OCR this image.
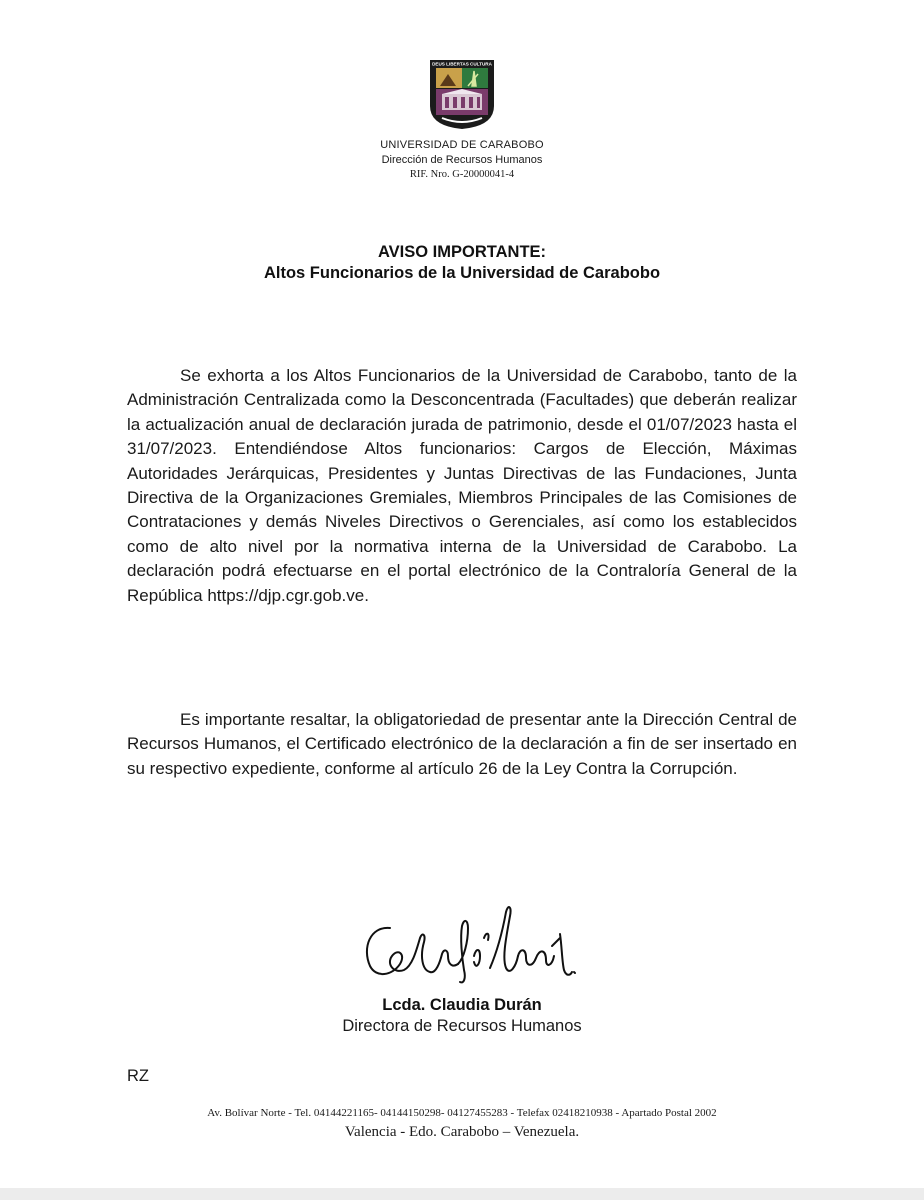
DEUS LIBERTAS CULTURA
UNIVERSIDAD DE CARABOBO
Dirección de Recursos Humanos
RIF. Nro. G-20000041-4
AVISO IMPORTANTE:
Altos Funcionarios de la Universidad de Carabobo

Se exhorta a los Altos Funcionarios de la Universidad de Carabobo, tanto de la Administración Centralizada como la Desconcentrada (Facultades) que deberán realizar la actualización anual de declaración jurada de patrimonio, desde el 01/07/2023 hasta el 31/07/2023. Entendiéndose Altos funcionarios: Cargos de Elección, Máximas Autoridades Jerárquicas, Presidentes y Juntas Directivas de las Fundaciones, Junta Directiva de la Organizaciones Gremiales, Miembros Principales de las Comisiones de Contrataciones y demás Niveles Directivos o Gerenciales, así como los establecidos como de alto nivel por la normativa interna de la Universidad de Carabobo. La declaración podrá efectuarse en el portal electrónico de la Contraloría General de la República https://djp.cgr.gob.ve.

Es importante resaltar, la obligatoriedad de presentar ante la Dirección Central de Recursos Humanos, el Certificado electrónico de la declaración a fin de ser insertado en su respectivo expediente, conforme al artículo 26 de la Ley Contra la Corrupción.

Lcda. Claudia Durán
Directora de Recursos Humanos
RZ
Av. Bolívar Norte - Tel. 04144221165- 04144150298- 04127455283 - Telefax 02418210938 - Apartado Postal 2002
Valencia - Edo. Carabobo – Venezuela.
